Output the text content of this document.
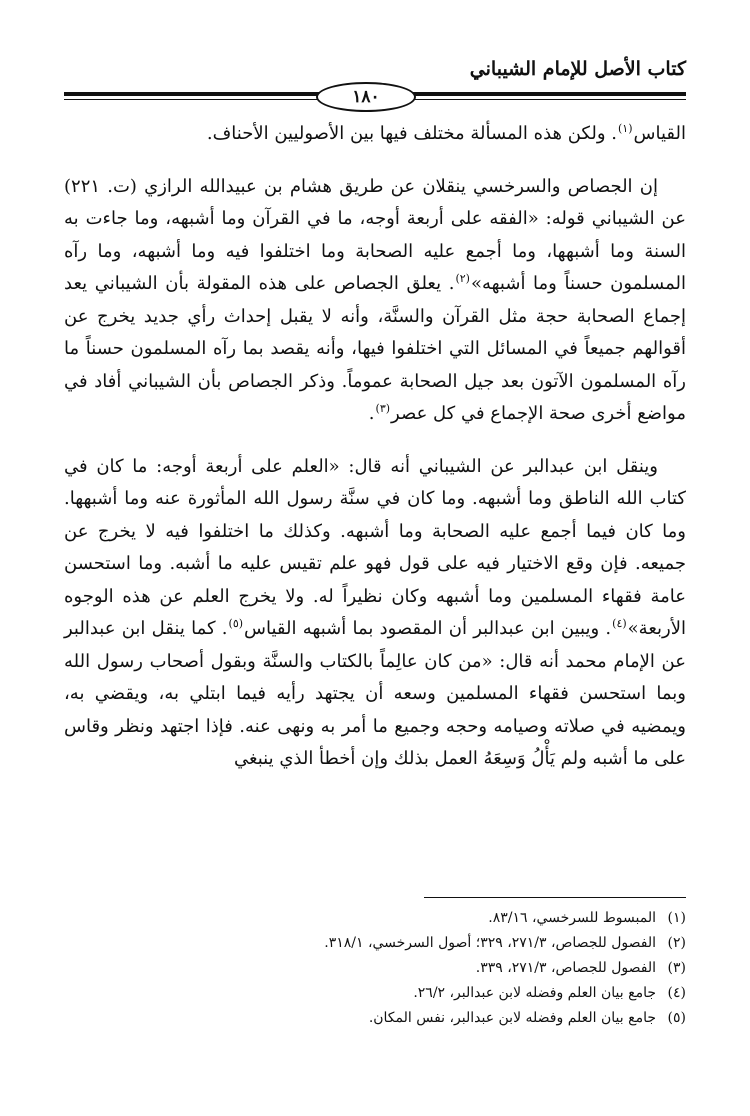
كتاب الأصل للإمام الشيباني
١٨٠

القياس$^{(١)}$. ولكن هذه المسألة مختلف فيها بين الأصوليين الأحناف.

إن الجصاص والسرخسي ينقلان عن طريق هشام بن عبيدالله الرازي (ت. ٢٢١) عن الشيباني قوله: «الفقه على أربعة أوجه، ما في القرآن وما أشبهه، وما جاءت به السنة وما أشبهها، وما أجمع عليه الصحابة وما اختلفوا فيه وما أشبهه، وما رآه المسلمون حسناً وما أشبهه»$^{(٢)}$. يعلق الجصاص على هذه المقولة بأن الشيباني يعد إجماع الصحابة حجة مثل القرآن والسنَّة، وأنه لا يقبل إحداث رأي جديد يخرج عن أقوالهم جميعاً في المسائل التي اختلفوا فيها، وأنه يقصد بما رآه المسلمون حسناً ما رآه المسلمون الآتون بعد جيل الصحابة عموماً. وذكر الجصاص بأن الشيباني أفاد في مواضع أخرى صحة الإجماع في كل عصر$^{(٣)}$.

وينقل ابن عبدالبر عن الشيباني أنه قال: «العلم على أربعة أوجه: ما كان في كتاب الله الناطق وما أشبهه. وما كان في سنَّة رسول الله المأثورة عنه وما أشبهها. وما كان فيما أجمع عليه الصحابة وما أشبهه. وكذلك ما اختلفوا فيه لا يخرج عن جميعه. فإن وقع الاختيار فيه على قول فهو علم تقيس عليه ما أشبه. وما استحسن عامة فقهاء المسلمين وما أشبهه وكان نظيراً له. ولا يخرج العلم عن هذه الوجوه الأربعة»$^{(٤)}$. ويبين ابن عبدالبر أن المقصود بما أشبهه القياس$^{(٥)}$. كما ينقل ابن عبدالبر عن الإمام محمد أنه قال: «من كان عالِماً بالكتاب والسنَّة وبقول أصحاب رسول الله وبما استحسن فقهاء المسلمين وسعه أن يجتهد رأيه فيما ابتلي به، ويقضي به، ويمضيه في صلاته وصيامه وحجه وجميع ما أمر به ونهى عنه. فإذا اجتهد ونظر وقاس على ما أشبه ولم يَأْلُ وَسِعَهُ العمل بذلك وإن أخطأ الذي ينبغي

(١)المبسوط للسرخسي، ٨٣/١٦.
(٢)الفصول للجصاص، ٢٧١/٣، ٣٢٩؛ أصول السرخسي، ٣١٨/١.
(٣)الفصول للجصاص، ٢٧١/٣، ٣٣٩.
(٤)جامع بيان العلم وفضله لابن عبدالبر، ٢٦/٢.
(٥)جامع بيان العلم وفضله لابن عبدالبر، نفس المكان.
